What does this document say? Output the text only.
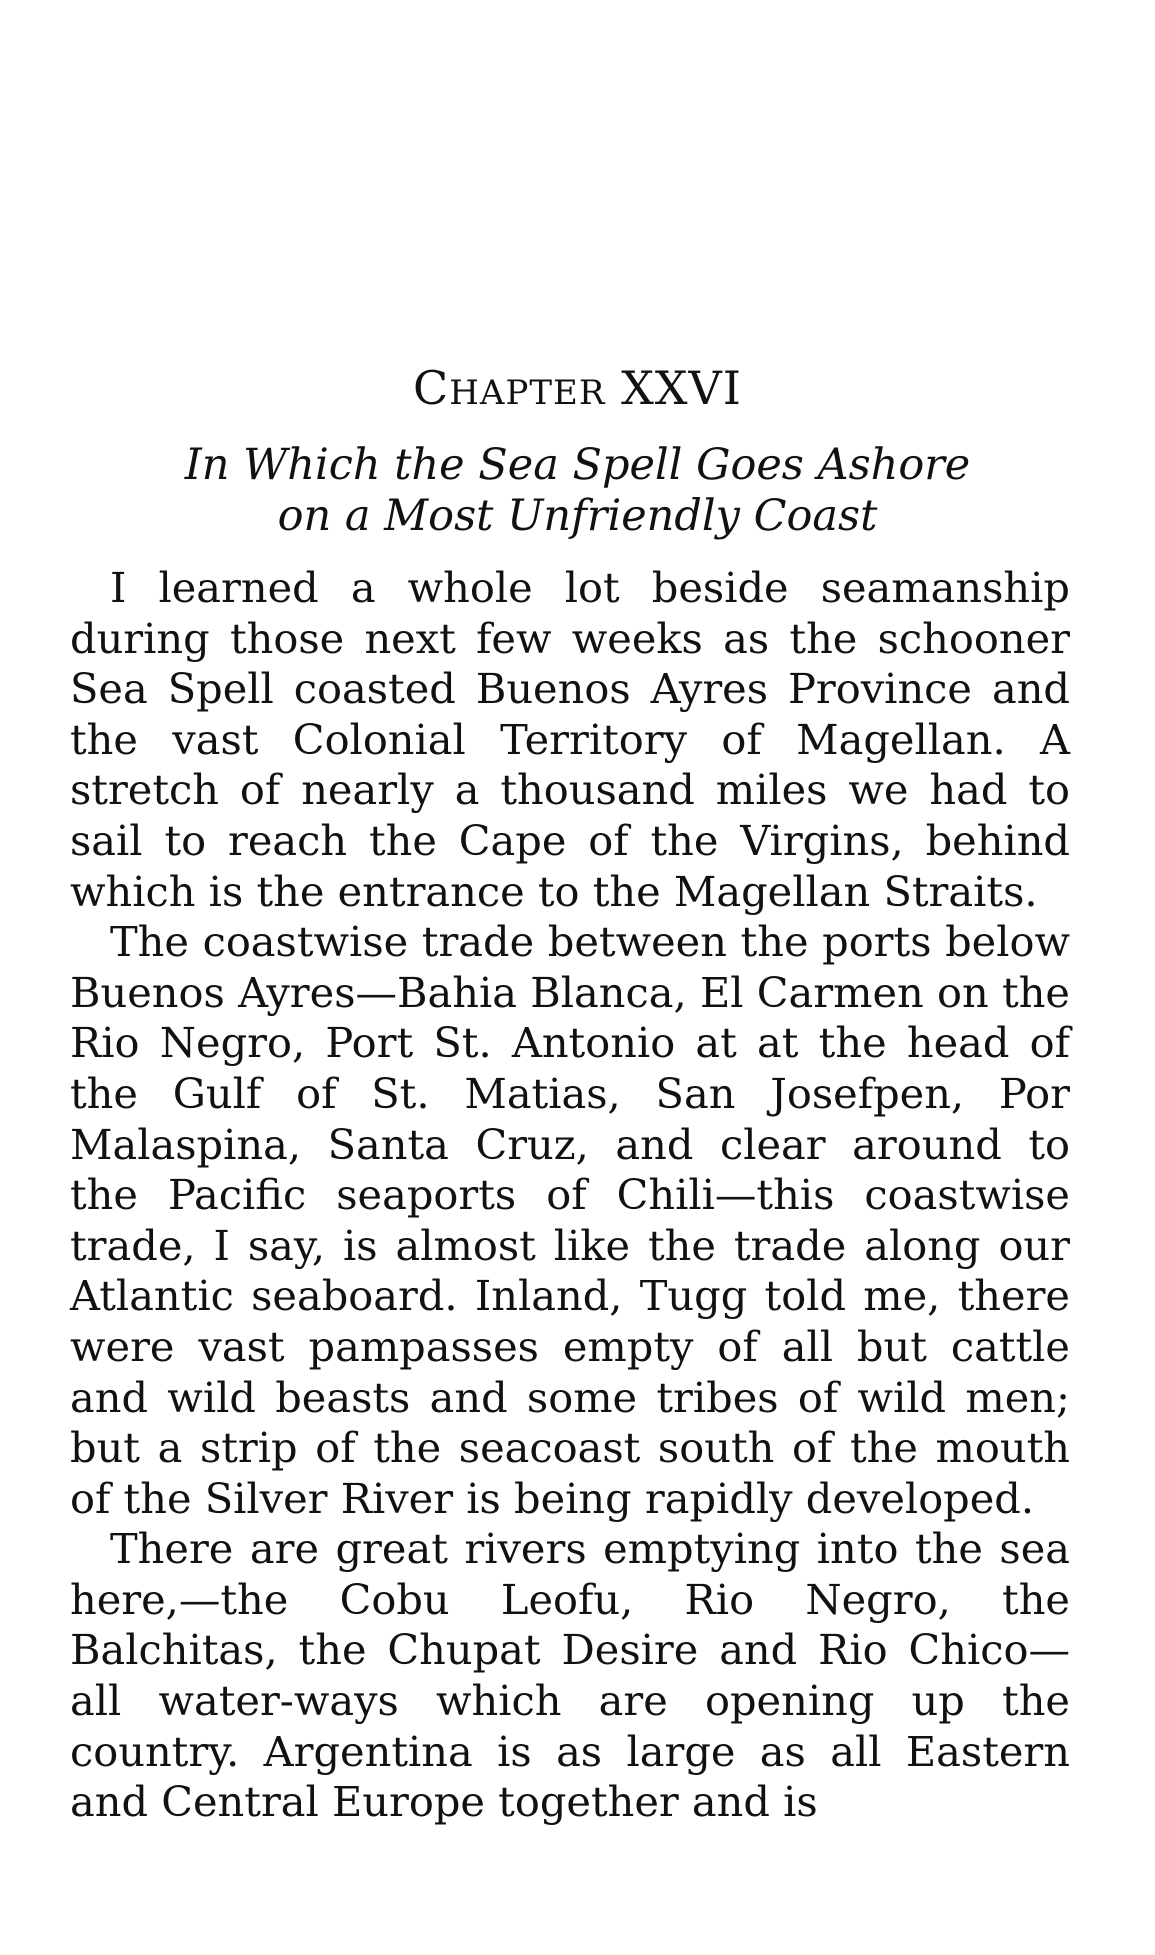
CHAPTER XXVI
In Which the Sea Spell Goes Ashore
on a Most Unfriendly Coast

I learned a whole lot beside seamanship during those next few weeks as the schooner Sea Spell coasted Buenos Ayres Province and the vast Colonial Territory of Magellan. A stretch of nearly a thousand miles we had to sail to reach the Cape of the Virgins, behind which is the entrance to the Magellan Straits.

The coastwise trade between the ports below Buenos Ayres—Bahia Blanca, El Carmen on the Rio Negro, Port St. Antonio at at the head of the Gulf of St. Matias, San Josefpen, Por Malaspina, Santa Cruz, and clear around to the Pacific seaports of Chili—this coastwise trade, I say, is almost like the trade along our Atlantic seaboard. Inland, Tugg told me, there were vast pampasses empty of all but cattle and wild beasts and some tribes of wild men; but a strip of the seacoast south of the mouth of the Silver River is being rapidly developed.

There are great rivers emptying into the sea here,—the Cobu Leofu, Rio Negro, the Balchitas, the Chupat Desire and Rio Chico—all water-ways which are opening up the country. Argentina is as large as all Eastern and Central Europe together and is
